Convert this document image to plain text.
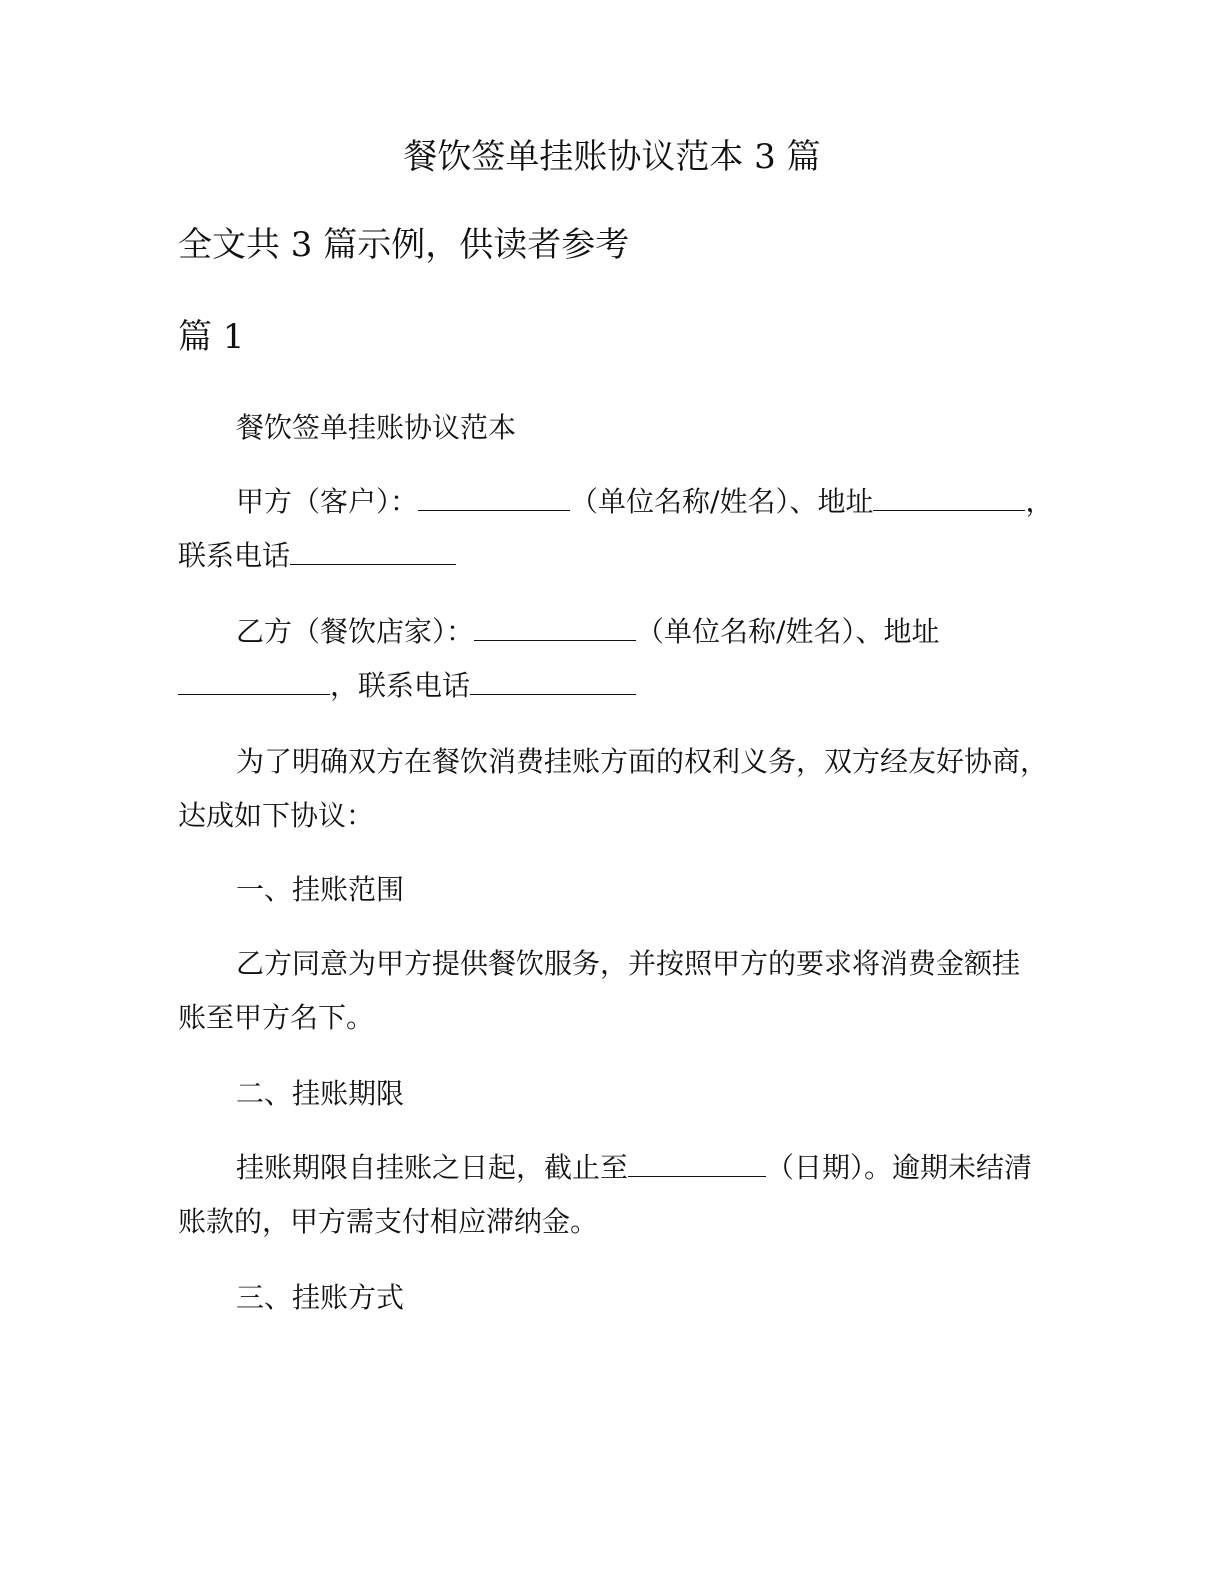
餐饮签单挂账协议范本 3 篇
全文共 3 篇示例，供读者参考
篇 1
餐饮签单挂账协议范本
甲方（客户）：	（单位名称/姓名）、地址	，
联系电话
乙方（餐饮店家）：	（单位名称/姓名）、地址
，联系电话
为了明确双方在餐饮消费挂账方面的权利义务，双方经友好协商，
达成如下协议：
一、挂账范围
乙方同意为甲方提供餐饮服务，并按照甲方的要求将消费金额挂
账至甲方名下。
二、挂账期限
挂账期限自挂账之日起，截止至	（日期）。逾期未结清
账款的，甲方需支付相应滞纳金。
三、挂账方式
